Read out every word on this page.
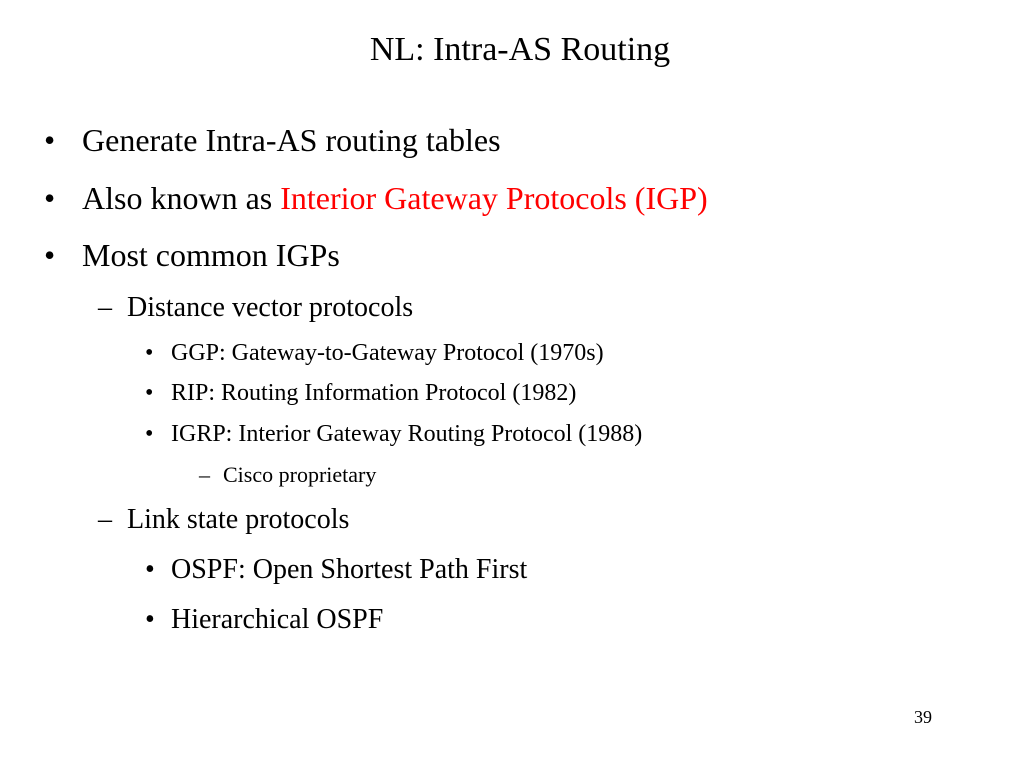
NL: Intra-AS Routing
• Generate Intra-AS routing tables
• Also known as Interior Gateway Protocols (IGP)
• Most common IGPs
– Distance vector protocols
• GGP: Gateway-to-Gateway Protocol (1970s)
• RIP: Routing Information Protocol (1982)
• IGRP: Interior Gateway Routing Protocol (1988)
– Cisco proprietary
– Link state protocols
• OSPF: Open Shortest Path First
• Hierarchical OSPF
39
